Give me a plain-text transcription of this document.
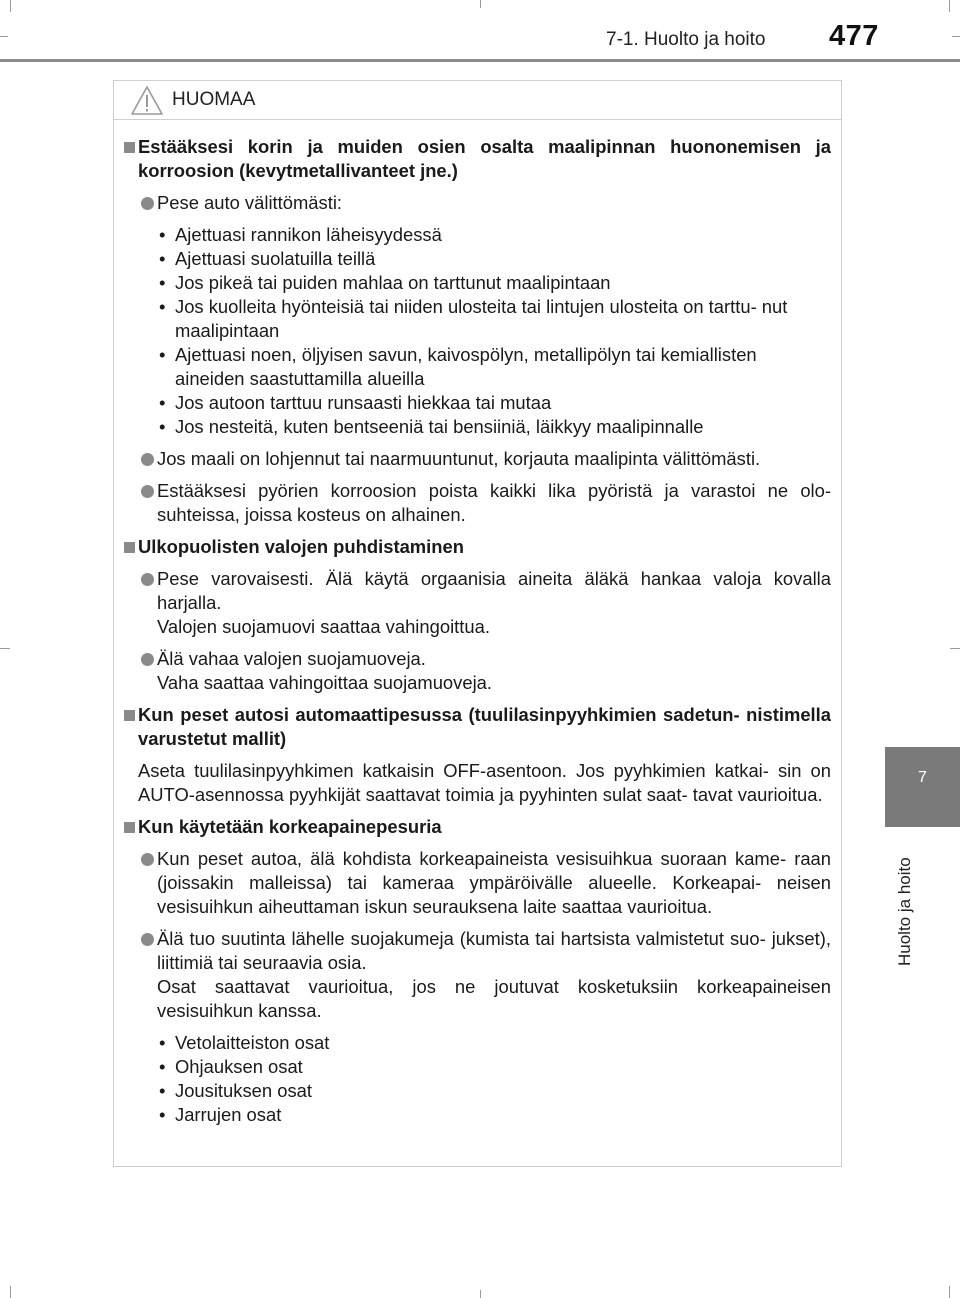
7-1. Huolto ja hoito 477
7
Huolto ja hoito
HUOMAA
Estääksesi korin ja muiden osien osalta maalipinnan huononemisen ja korroosion (kevytmetallivanteet jne.)
Pese auto välittömästi:
• Ajettuasi rannikon läheisyydessä
• Ajettuasi suolatuilla teillä
• Jos pikeä tai puiden mahlaa on tarttunut maalipintaan
• Jos kuolleita hyönteisiä tai niiden ulosteita tai lintujen ulosteita on tarttu- nut maalipintaan
• Ajettuasi noen, öljyisen savun, kaivospölyn, metallipölyn tai kemiallisten aineiden saastuttamilla alueilla
• Jos autoon tarttuu runsaasti hiekkaa tai mutaa
• Jos nesteitä, kuten bentseeniä tai bensiiniä, läikkyy maalipinnalle
Jos maali on lohjennut tai naarmuuntunut, korjauta maalipinta välittömästi.
Estääksesi pyörien korroosion poista kaikki lika pyöristä ja varastoi ne olo- suhteissa, joissa kosteus on alhainen.
Ulkopuolisten valojen puhdistaminen
Pese varovaisesti. Älä käytä orgaanisia aineita äläkä hankaa valoja kovalla harjalla.
Valojen suojamuovi saattaa vahingoittua.
Älä vahaa valojen suojamuoveja.
Vaha saattaa vahingoittaa suojamuoveja.
Kun peset autosi automaattipesussa (tuulilasinpyyhkimien sadetun- nistimella varustetut mallit)
Aseta tuulilasinpyyhkimen katkaisin OFF-asentoon. Jos pyyhkimien katkai- sin on AUTO-asennossa pyyhkijät saattavat toimia ja pyyhinten sulat saat- tavat vaurioitua.
Kun käytetään korkeapainepesuria
Kun peset autoa, älä kohdista korkeapaineista vesisuihkua suoraan kame- raan (joissakin malleissa) tai kameraa ympäröivälle alueelle. Korkeapai- neisen vesisuihkun aiheuttaman iskun seurauksena laite saattaa vaurioitua.
Älä tuo suutinta lähelle suojakumeja (kumista tai hartsista valmistetut suo- jukset), liittimiä tai seuraavia osia.
Osat saattavat vaurioitua, jos ne joutuvat kosketuksiin korkeapaineisen vesisuihkun kanssa.
• Vetolaitteiston osat
• Ohjauksen osat
• Jousituksen osat
• Jarrujen osat
